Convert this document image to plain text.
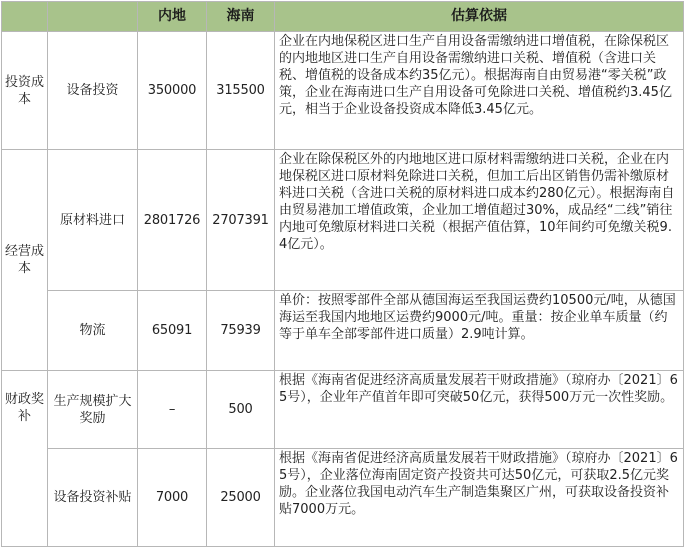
		内地	海南	估算依据
投资成本	设备投资	350000	315500	企业在内地保税区进口生产自用设备需缴纳进口增值税，在除保税区的内地地区进口生产自用设备需缴纳进口关税、增值税（含进口关税、增值税的设备成本约35亿元）。根据海南自由贸易港“零关税”政策，企业在海南进口生产自用设备可免除进口关税、增值税约3.45亿元，相当于企业设备投资成本降低3.45亿元。
经营成本	原材料进口	2801726	2707391	企业在除保税区外的内地地区进口原材料需缴纳进口关税，企业在内地保税区进口原材料免除进口关税，但加工后出区销售仍需补缴原材料进口关税（含进口关税的原材料进口成本约280亿元）。根据海南自由贸易港加工增值政策，企业加工增值超过30%，成品经“二线”销往内地可免缴原材料进口关税（根据产值估算，10年间约可免缴关税9.4亿元）。
	物流	65091	75939	单价：按照零部件全部从德国海运至我国运费约10500元/吨，从德国海运至我国内地地区运费约9000元/吨。重量：按企业单车质量（约等于单车全部零部件进口质量）2.9吨计算。
财政奖补	生产规模扩大奖励	–	500	根据《海南省促进经济高质量发展若干财政措施》（琼府办〔2021〕65号），企业年产值首年即可突破50亿元，获得500万元一次性奖励。
	设备投资补贴	7000	25000	根据《海南省促进经济高质量发展若干财政措施》（琼府办〔2021〕65号），企业落位海南固定资产投资共可达50亿元，可获取2.5亿元奖励。企业落位我国电动汽车生产制造集聚区广州，可获取设备投资补贴7000万元。
